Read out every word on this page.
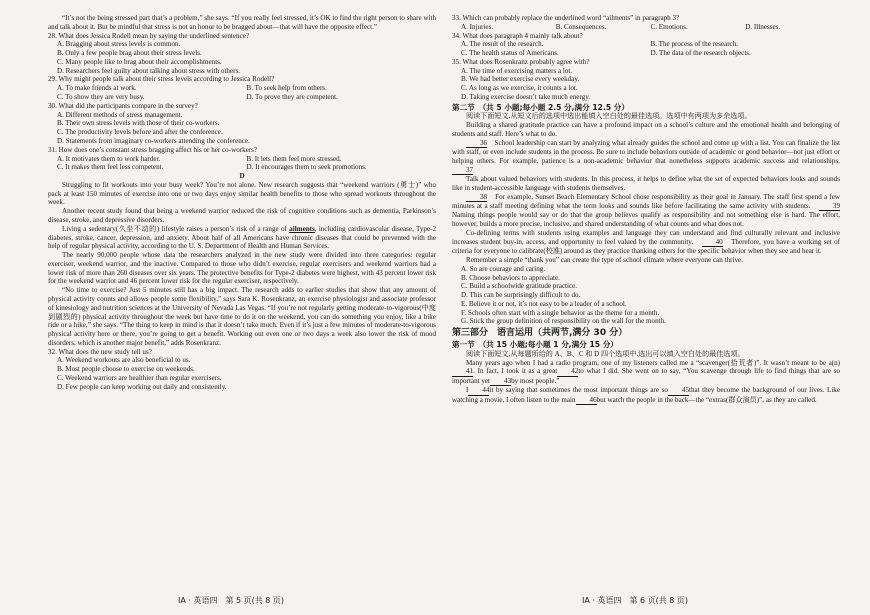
“It’s not the being stressed part that’s a problem,” she says. “If you really feel stressed, it’s OK to find the right person to share with and talk about it. But be mindful that stress is not an honor to be bragged about—that will have the opposite effect.”

28. What does Jessica Rodell mean by saying the underlined sentence?

A. Bragging about stress levels is common.

B. Only a few people brag about their stress levels.

C. Many people like to brag about their accomplishments.

D. Researchers feel guilty about talking about stress with others.

29. Why might people talk about their stress levels according to Jessica Rodell?

A. To make friends at work.	B. To seek help from others.
C. To show they are very busy.	D. To prove they are competent.

30. What did the participants compare in the survey?

A. Different methods of stress management.

B. Their own stress levels with those of their co-workers.

C. The productivity levels before and after the conference.

D. Statements from imaginary co-workers attending the conference.

31. How does one’s constant stress bragging affect his or her co-workers?

A. It motivates them to work harder.	B. It lets them feel more stressed.
C. It makes them feel less competent.	D. It encourages them to seek promotions.

D

Struggling to fit workouts into your busy week? You’re not alone. New research suggests that “weekend warriors (勇士)” who pack at least 150 minutes of exercise into one or two days enjoy similar health benefits to those who spread workouts throughout the week.

Another recent study found that being a weekend warrior reduced the risk of cognitive conditions such as dementia, Parkinson’s disease, stroke, and depressive disorders.

Living a sedentary(久坐不动的) lifestyle raises a person’s risk of a range of ailments, including cardiovascular disease, Type-2 diabetes, stroke, cancer, depression, and anxiety. About half of all Americans have chronic diseases that could be prevented with the help of regular physical activity, according to the U. S. Department of Health and Human Services.

The nearly 90,000 people whose data the researchers analyzed in the new study were divided into three categories: regular exerciser, weekend warrior, and the inactive. Compared to those who didn’t exercise, regular exercisers and weekend warriors had a lower risk of more than 260 diseases over six years. The protective benefits for Type-2 diabetes were highest, with 43 percent lower risk for the weekend warrior and 46 percent lower risk for the regular exerciser, respectively.

“No time to exercise? Just 5 minutes still has a big impact. The research adds to earlier studies that show that any amount of physical activity counts and allows people some flexibility,” says Sara K. Rosenkranz, an exercise physiologist and associate professor of kinesiology and nutrition sciences at the University of Nevada Las Vegas. “If you’re not regularly getting moderate-to-vigorous(中度到剧烈的) physical activity throughout the week but have time to do it on the weekend, you can do something you enjoy, like a bike ride or a hike,” she says. “The thing to keep in mind is that it doesn’t take much. Even if it’s just a few minutes of moderate-to-vigorous physical activity here or there, you’re going to get a benefit. Working out even one or two days a week also lower the risk of mood disorders, which is another major benefit,” adds Rosenkranz.

32. What does the new study tell us?

A. Weekend workouts are also beneficial to us.

B. Most people choose to exercise on weekends.

C. Weekend warriors are healthier than regular exercisers.

D. Few people can keep working out daily and consistently.

33. Which can probably replace the underlined word “ailments” in paragraph 3?

A. Injuries.	B. Consequences.	C. Emotions.	D. Illnesses.

34. What does paragraph 4 mainly talk about?

A. The result of the research.	B. The process of the research.
C. The health status of Americans.	D. The data of the research objects.

35. What does Rosenkranz probably agree with?

A. The time of exercising matters a lot.

B. We had better exercise every weekday.

C. As long as we exercise, it counts a lot.

D. Taking exercise doesn’t take much energy.

第二节　（共 5 小题;每小题 2.5 分,满分 12.5 分）

阅读下面短文,从短文后的选项中选出能填入空白处的最佳选项。选项中有两项为多余选项。

Building a shared gratitude practice can have a profound impact on a school’s culture and the emotional health and belonging of students and staff. Here’s what to do.

36　 School leadership can start by analyzing what already guides the school and come up with a list. You can finalize the list with staff, or even include students in the process. Be sure to include behaviors outside of academic or good behavior—not just effort or helping others. For example, patience is a non-academic behavior that nonetheless supports academic success and relationships.　37

Talk about valued behaviors with students. In this process, it helps to define what the set of expected behaviors looks and sounds like in student-accessible language with students themselves.

38　 For example, Sunset Beach Elementary School chose responsibility as their goal in January. The staff first spend a few minutes at a staff meeting defining what the term looks and sounds like before facilitating the same activity with students.　	39　Naming things people would say or do that the group believes qualify as responsibility and not something else is hard. The effort, however, builds a more precise, inclusive, and shared understanding of what counts and what does not.

Co-defining terms with students using examples and language they can understand and find culturally relevant and inclusive increases student buy-in, access, and opportunity to feel valued by the community.　	40　 Therefore, you have a working set of criteria for everyone to calibrate(校准) around as they practice thanking others for the specific behavior when they see and hear it.

Remember a simple “thank you” can create the type of school climate where everyone can thrive.

A. So are courage and caring.

B. Choose behaviors to appreciate.

C. Build a schoolwide gratitude practice.

D. This can be surprisingly difficult to do.

E. Believe it or not, it’s not easy to be a leader of a school.

F. Schools often start with a single behavior as the theme for a month.

G. Stick the group definition of responsibility on the wall for the month.

第三部分　语言运用（共两节,满分 30 分）

第一节　（共 15 小题;每小题 1 分,满分 15 分）

阅读下面短文,从每题所给的 A、B、C 和 D 四个选项中,选出可以填入空白处的最佳选项。

Many years ago when I had a radio program, one of my listeners called me a “scavenger(拾荒者)”. It wasn’t meant to be a(n)41. In fact, I took it as a great 42to what I did. She went on to say, “You scavenge through life to find things that are so important yet 43by most people.”

I 44it by saying that sometimes the most important things are so 45that they become the background of our lives. Like watching a movie, I often listen to the main 46but watch the people in the back—the “extras(群众演员)”, as they are called.

ⅠA · 英语四　第 5 页(共 8 页)	ⅠA · 英语四　第 6 页(共 8 页)
